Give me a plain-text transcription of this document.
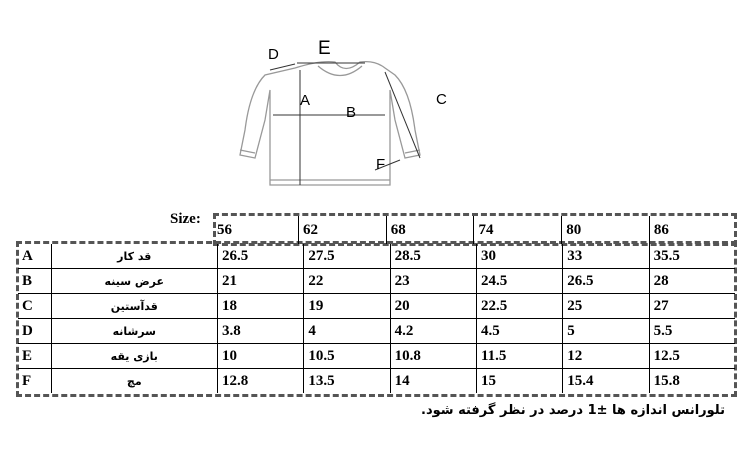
D E
A
B
C
F
Size:
56	62	68	74	80	86
A	قد کار	26.5	27.5	28.5	30	33	35.5
B	عرض سینه	21	22	23	24.5	26.5	28
C	قدآستین	18	19	20	22.5	25	27
D	سرشانه	3.8	4	4.2	4.5	5	5.5
E	بازی یقه	10	10.5	10.8	11.5	12	12.5
F	مچ	12.8	13.5	14	15	15.4	15.8
تلورانس اندازه ها ±1 درصد در نظر گرفته شود.
